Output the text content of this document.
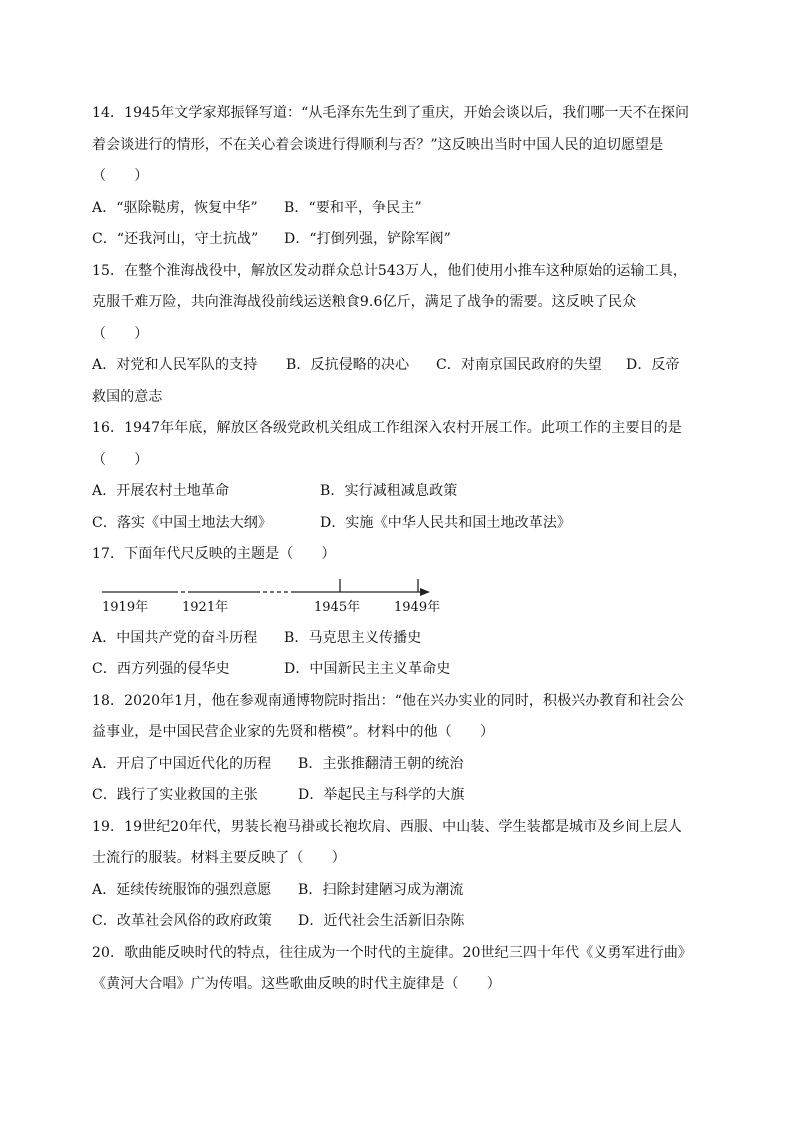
14．1945年文学家郑振铎写道：“从毛泽东先生到了重庆，开始会谈以后，我们哪一天不在探问
着会谈进行的情形，不在关心着会谈进行得顺利与否？”这反映出当时中国人民的迫切愿望是
（　　）
A．“驱除鞑虏，恢复中华”	B．“要和平，争民主”
C．“还我河山，守土抗战”	D．“打倒列强，铲除军阀”
15．在整个淮海战役中，解放区发动群众总计543万人，他们使用小推车这种原始的运输工具，
克服千难万险，共向淮海战役前线运送粮食9.6亿斤，满足了战争的需要。这反映了民众
（　　）
A．对党和人民军队的支持	B．反抗侵略的决心	C．对南京国民政府的失望	D．反帝
救国的意志
16．1947年年底，解放区各级党政机关组成工作组深入农村开展工作。此项工作的主要目的是
（　　）
A．开展农村土地革命	B．实行减租减息政策
C．落实《中国土地法大纲》	D．实施《中华人民共和国土地改革法》
17．下面年代尺反映的主题是（　　）
1919年	1921年	1945年	1949年
A．中国共产党的奋斗历程	B．马克思主义传播史
C．西方列强的侵华史	D．中国新民主主义革命史
18．2020年1月，他在参观南通博物院时指出：“他在兴办实业的同时，积极兴办教育和社会公
益事业，是中国民营企业家的先贤和楷模”。材料中的他（　　）
A．开启了中国近代化的历程	B．主张推翻清王朝的统治
C．践行了实业救国的主张	D．举起民主与科学的大旗
19．19世纪20年代，男装长袍马褂或长袍坎肩、西服、中山装、学生装都是城市及乡间上层人
士流行的服装。材料主要反映了（　　）
A．延续传统服饰的强烈意愿	B．扫除封建陋习成为潮流
C．改革社会风俗的政府政策	D．近代社会生活新旧杂陈
20．歌曲能反映时代的特点，往往成为一个时代的主旋律。20世纪三四十年代《义勇军进行曲》
《黄河大合唱》广为传唱。这些歌曲反映的时代主旋律是（　　）
